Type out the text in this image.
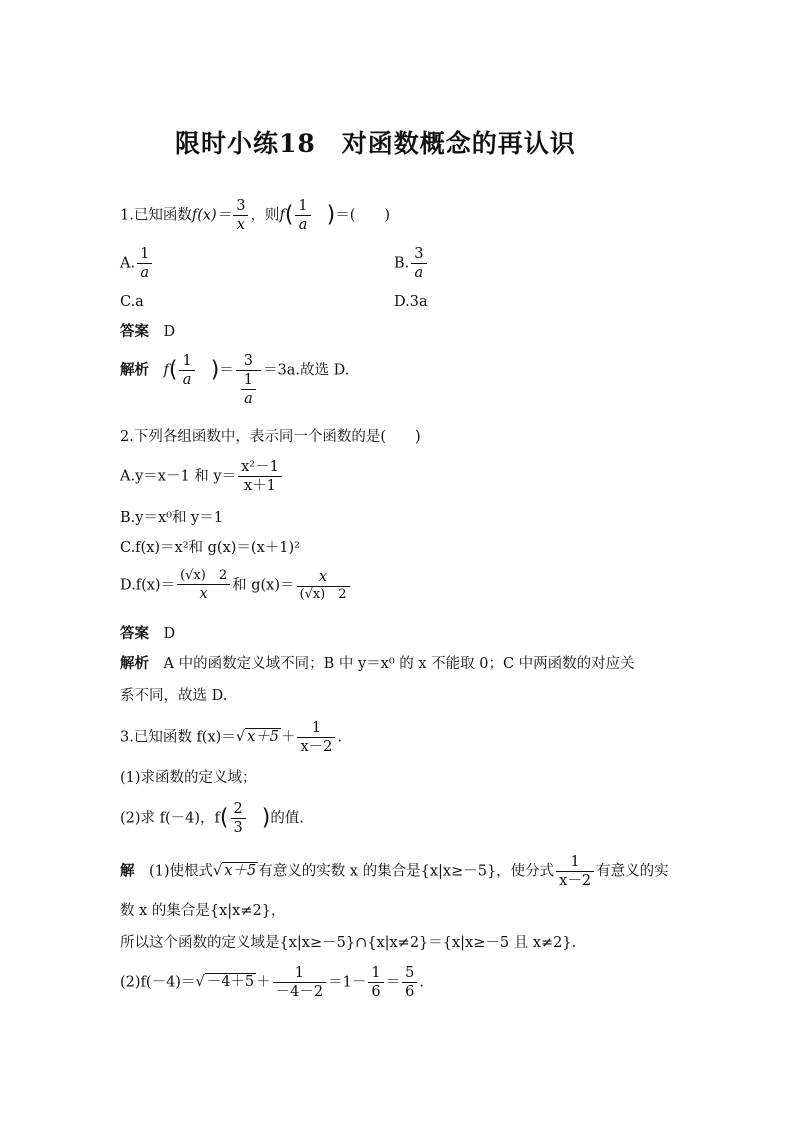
限时小练18　对函数概念的再认识
1.已知函数$f(x)= \frac{3}{x}$ ，则$f( \frac{1}{a}$ )＝(　　)
A. $\frac{1}{a}$	B. $\frac{3}{a}$
C.a	D.3a
答案　 D
解析　 $f( \frac{1}{a}$ )＝ $\frac{3}{\frac{1}{a}} =3a$.故选 D.
2.下列各组函数中，表示同一个函数的是(　　)
A.y＝x－1 和 $y= \frac{\text{x²－1}}{x+1}$
B.y＝x⁰和 y＝1
C.f(x)＝x²和 g(x)＝(x＋1)²
$D.f(x)= \frac{(√x) 2}{x}$ 和 $g(x)= \frac{x}{(√x) 2}$
答案　 D
解析　 A 中的函数定义域不同；B 中 y＝x⁰ 的 x 不能取 0；C 中两函数的对应关
系不同，故选 D.
3.已知函数 f(x)＝√ $x+5 + \frac{1}{x-2}$ .
(1)求函数的定义域；
(2)求 f(－4)，$f( \frac{2}{3}$ )的值.
解　 (1)使根式√ x＋5 有意义的实数 x 的集合是{x|x≥－5}，使分式 $\frac{1}{x-2}$ 有意义的实
数 x 的集合是{x|x≠2}，
所以这个函数的定义域是{x|x≥－5}∩{x|x≠2}＝{x|x≥－5 且 x≠2}.
$(2)f(-4)=√ -4+5 + \frac{1}{-4-2} =1- \frac{1}{6} = \frac{5}{6}$ .
